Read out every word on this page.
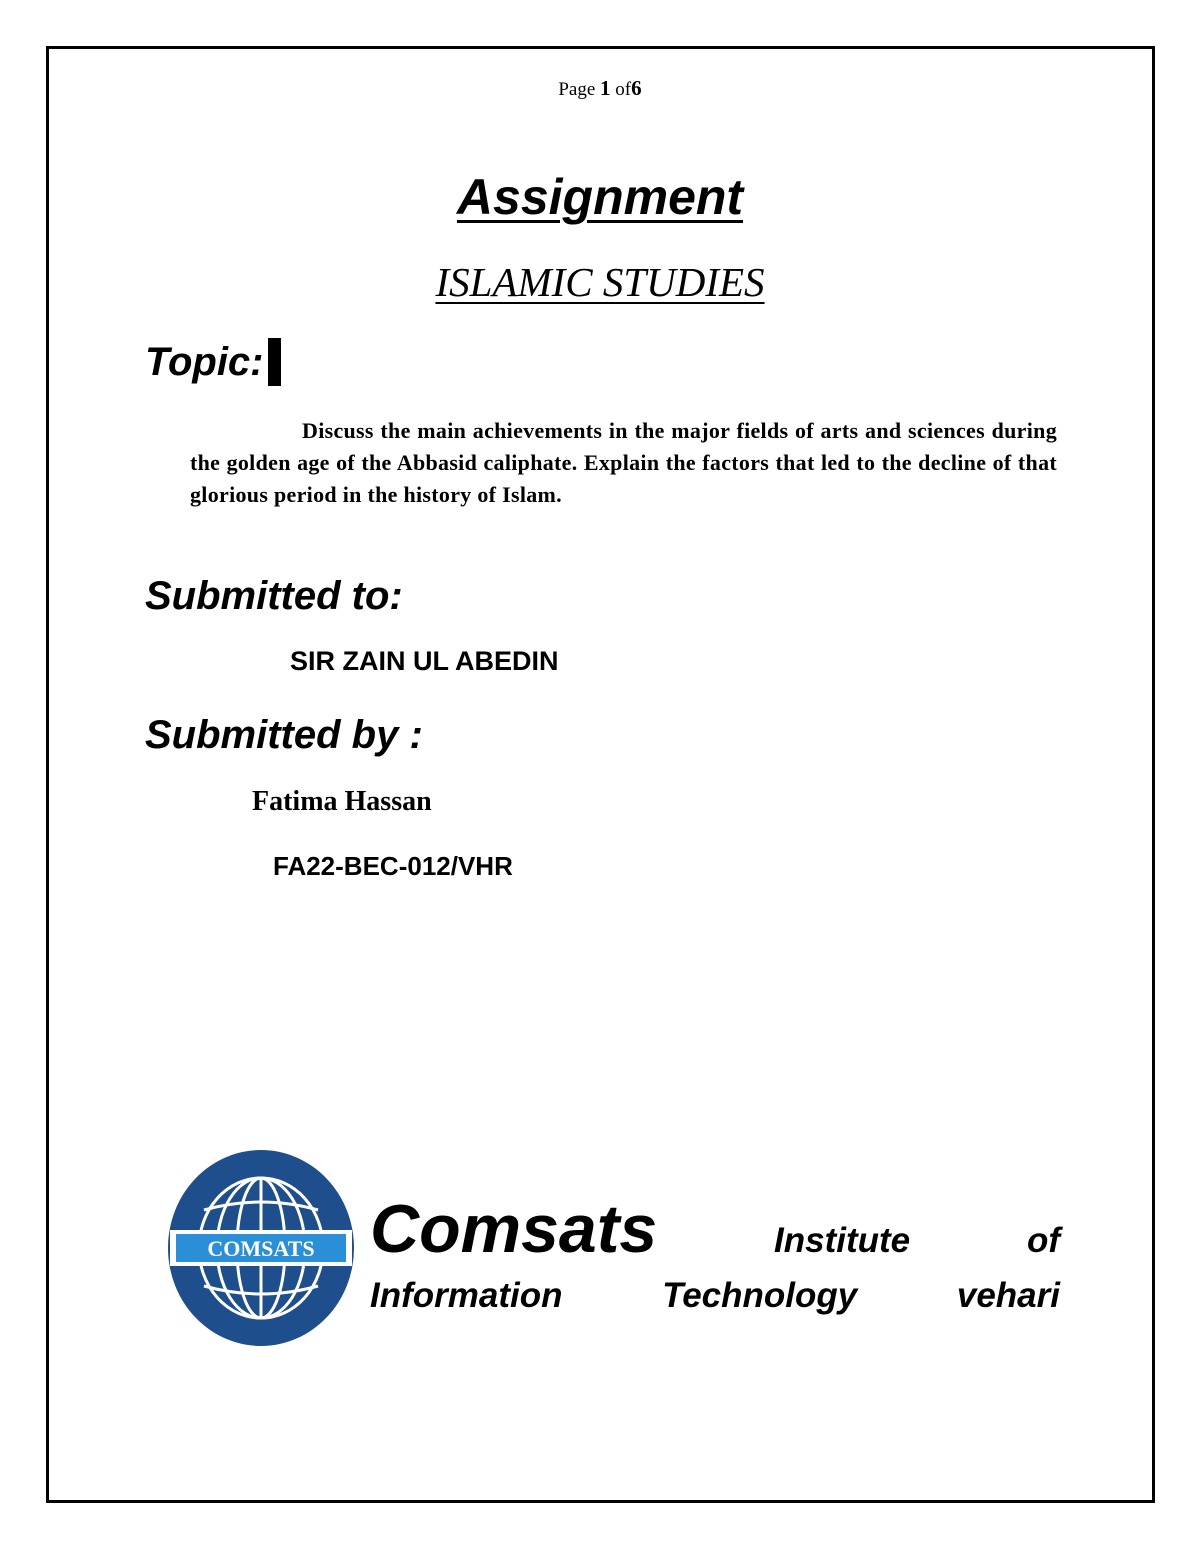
Page 1 of6
Assignment
ISLAMIC STUDIES
Topic:
Discuss the main achievements in the major fields of arts and sciences during the golden age of the Abbasid caliphate. Explain the factors that led to the decline of that glorious period in the history of Islam.
Submitted to:
SIR ZAIN UL ABEDIN
Submitted by :
Fatima Hassan
FA22-BEC-012/VHR
COMSATS Comsats	Institute	of
Information	Technology	vehari
